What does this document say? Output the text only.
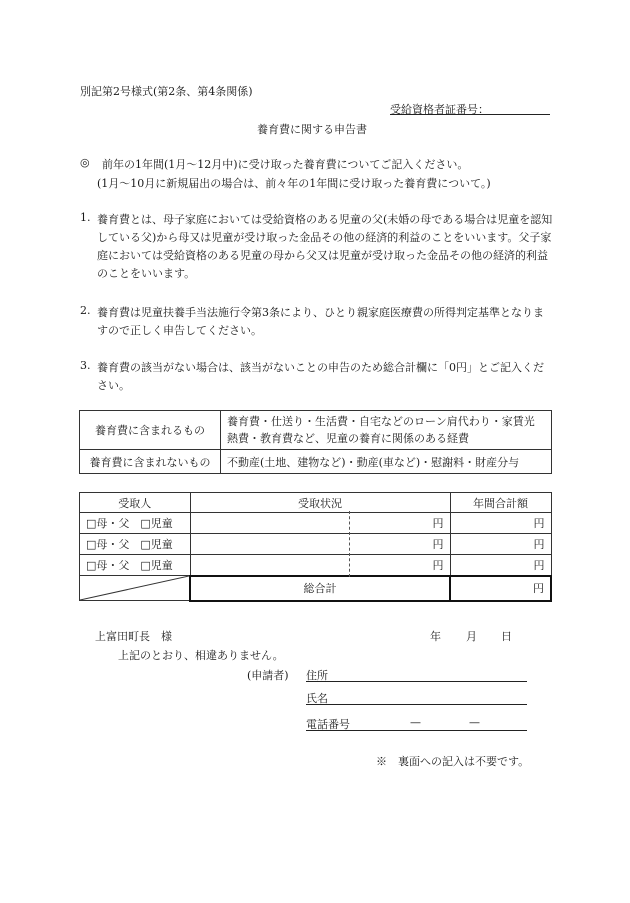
別記第2号様式(第2条、第4条関係)
受給資格者証番号：
養育費に関する申告書
◎ 前年の1年間(1月～12月中)に受け取った養育費についてご記入ください。
(1月～10月に新規届出の場合は、前々年の1年間に受け取った養育費について。)
1. 養育費とは、母子家庭においては受給資格のある児童の父(未婚の母である場合は児童を認知している父)から母又は児童が受け取った金品その他の経済的利益のことをいいます。父子家庭においては受給資格のある児童の母から父又は児童が受け取った金品その他の経済的利益のことをいいます。

2. 養育費は児童扶養手当法施行令第3条により、ひとり親家庭医療費の所得判定基準となりますので正しく申告してください。

3. 養育費の該当がない場合は、該当がないことの申告のため総合計欄に「0円」とご記入ください。

養育費に含まれるもの	養育費・仕送り・生活費・自宅などのローン肩代わり・家賃光熱費・教育費など、児童の養育に関係のある経費
養育費に含まれないもの	不動産(土地、建物など)・動産(車など)・慰謝料・財産分与
受取人	受取状況	年間合計額
□母・父　□児童	円	円
□母・父　□児童	円	円
□母・父　□児童	円	円

	総合計	円
上富田町長　様	年 月 日
上記のとおり、相違ありません。
(申請者) 住所
氏名
電話番号	—	—
※　裏面への記入は不要です。
